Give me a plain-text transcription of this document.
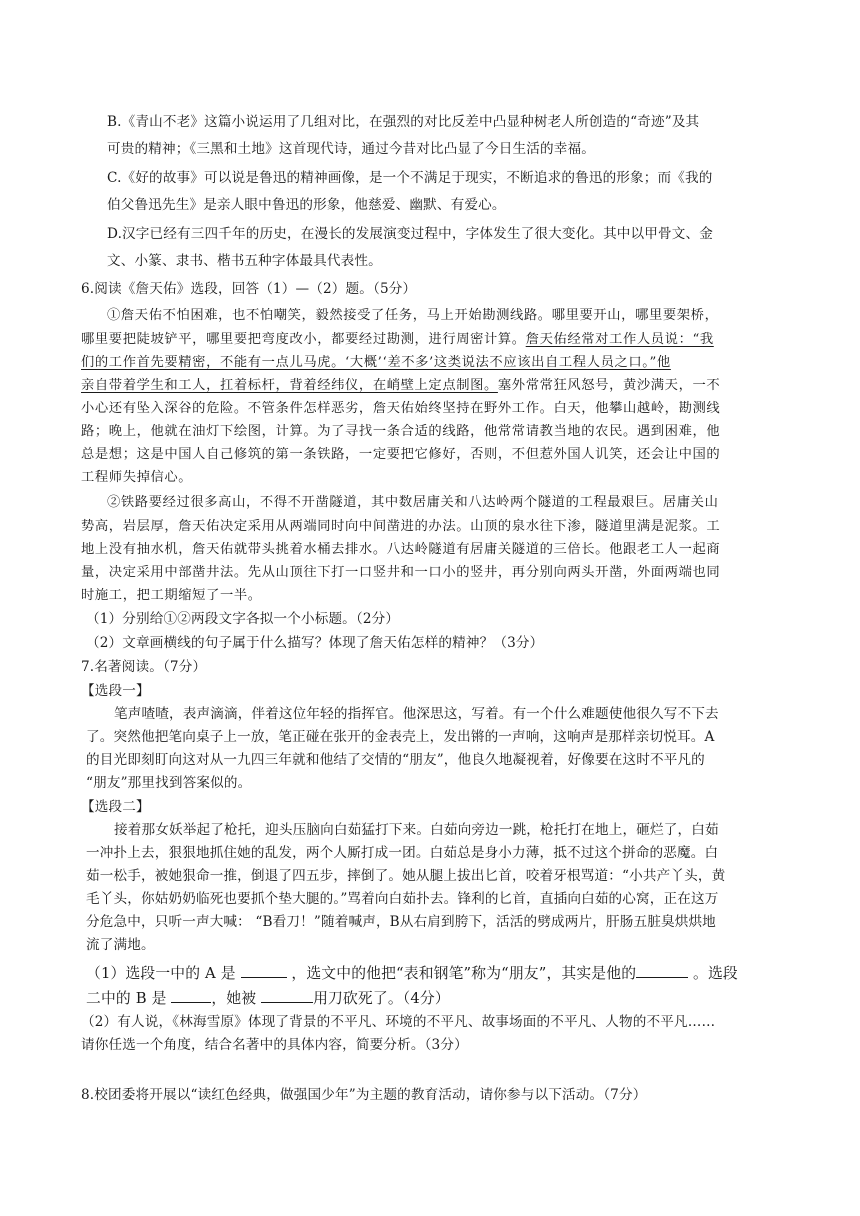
B.《青山不老》这篇小说运用了几组对比，在强烈的对比反差中凸显种树老人所创造的“奇迹”及其
可贵的精神；《三黑和土地》这首现代诗，通过今昔对比凸显了今日生活的幸福。
C.《好的故事》可以说是鲁迅的精神画像，是一个不满足于现实，不断追求的鲁迅的形象；而《我的
伯父鲁迅先生》是亲人眼中鲁迅的形象，他慈爱、幽默、有爱心。
D.汉字已经有三四千年的历史，在漫长的发展演变过程中，字体发生了很大变化。其中以甲骨文、金
文、小篆、隶书、楷书五种字体最具代表性。
6.阅读《詹天佑》选段，回答（1）—（2）题。（5分）
①詹天佑不怕困难，也不怕嘲笑，毅然接受了任务，马上开始勘测线路。哪里要开山，哪里要架桥，
哪里要把陡坡铲平，哪里要把弯度改小，都要经过勘测，进行周密计算。詹天佑经常对工作人员说：“我
们的工作首先要精密，不能有一点儿马虎。‘大概’‘差不多’这类说法不应该出自工程人员之口。”他
亲自带着学生和工人，扛着标杆，背着经纬仪，在峭壁上定点制图。塞外常常狂风怒号，黄沙满天，一不
小心还有坠入深谷的危险。不管条件怎样恶劣，詹天佑始终坚持在野外工作。白天，他攀山越岭，勘测线
路；晚上，他就在油灯下绘图，计算。为了寻找一条合适的线路，他常常请教当地的农民。遇到困难，他
总是想；这是中国人自己修筑的第一条铁路，一定要把它修好，否则，不但惹外国人讥笑，还会让中国的
工程师失掉信心。
②铁路要经过很多高山，不得不开凿隧道，其中数居庸关和八达岭两个隧道的工程最艰巨。居庸关山
势高，岩层厚，詹天佑决定采用从两端同时向中间凿进的办法。山顶的泉水往下渗，隧道里满是泥浆。工
地上没有抽水机，詹天佑就带头挑着水桶去排水。八达岭隧道有居庸关隧道的三倍长。他跟老工人一起商
量，决定采用中部凿井法。先从山顶往下打一口竖井和一口小的竖井，再分别向两头开凿，外面两端也同
时施工，把工期缩短了一半。
（1）分别给①②两段文字各拟一个小标题。（2分）
（2）文章画横线的句子属于什么描写？体现了詹天佑怎样的精神？（3分）
7.名著阅读。（7分）
【选段一】
笔声喳喳，表声滴滴，伴着这位年轻的指挥官。他深思这，写着。有一个什么难题使他很久写不下去
了。突然他把笔向桌子上一放，笔正碰在张开的金表壳上，发出锵的一声响，这响声是那样亲切悦耳。A
的目光即刻盯向这对从一九四三年就和他结了交情的“朋友”，他良久地凝视着，好像要在这时不平凡的
“朋友”那里找到答案似的。
【选段二】
接着那女妖举起了枪托，迎头压脑向白茹猛打下来。白茹向旁边一跳，枪托打在地上，砸烂了，白茹
一冲扑上去，狠狠地抓住她的乱发，两个人厮打成一团。白茹总是身小力薄，抵不过这个拼命的恶魔。白
茹一松手，被她狠命一推，倒退了四五步，摔倒了。她从腿上拔出匕首，咬着牙根骂道：“小共产丫头，黄
毛丫头，你姑奶奶临死也要抓个垫大腿的。”骂着向白茹扑去。锋利的匕首，直插向白茹的心窝，正在这万
分危急中，只听一声大喊： “B看刀！”随着喊声，B从右肩到胯下，活活的劈成两片，肝肠五脏臭烘烘地
流了满地。
（1）选段一中的 A 是	，选文中的他把“表和钢笔”称为“朋友”，其实是他的	。选段
二中的 B 是	，她被	用刀砍死了。（4分）
（2）有人说，《林海雪原》体现了背景的不平凡、环境的不平凡、故事场面的不平凡、人物的不平凡……
请你任选一个角度，结合名著中的具体内容，简要分析。（3分）
8.校团委将开展以“读红色经典，做强国少年”为主题的教育活动，请你参与以下活动。（7分）
